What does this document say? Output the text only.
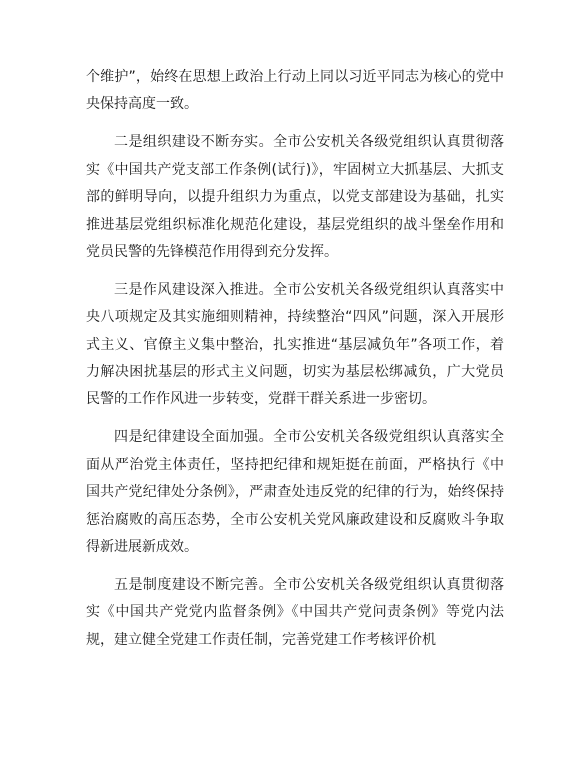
个维护”，始终在思想上政治上行动上同以习近平同志为核心的党中央保持高度一致。

二是组织建设不断夯实。全市公安机关各级党组织认真贯彻落实《中国共产党支部工作条例(试行)》，牢固树立大抓基层、大抓支部的鲜明导向，以提升组织力为重点，以党支部建设为基础，扎实推进基层党组织标准化规范化建设，基层党组织的战斗堡垒作用和党员民警的先锋模范作用得到充分发挥。

三是作风建设深入推进。全市公安机关各级党组织认真落实中央八项规定及其实施细则精神，持续整治“四风”问题，深入开展形式主义、官僚主义集中整治，扎实推进“基层减负年”各项工作，着力解决困扰基层的形式主义问题，切实为基层松绑减负，广大党员民警的工作作风进一步转变，党群干群关系进一步密切。

四是纪律建设全面加强。全市公安机关各级党组织认真落实全面从严治党主体责任，坚持把纪律和规矩挺在前面，严格执行《中国共产党纪律处分条例》，严肃查处违反党的纪律的行为，始终保持惩治腐败的高压态势，全市公安机关党风廉政建设和反腐败斗争取得新进展新成效。

五是制度建设不断完善。全市公安机关各级党组织认真贯彻落实《中国共产党党内监督条例》《中国共产党问责条例》等党内法规，建立健全党建工作责任制，完善党建工作考核评价机
